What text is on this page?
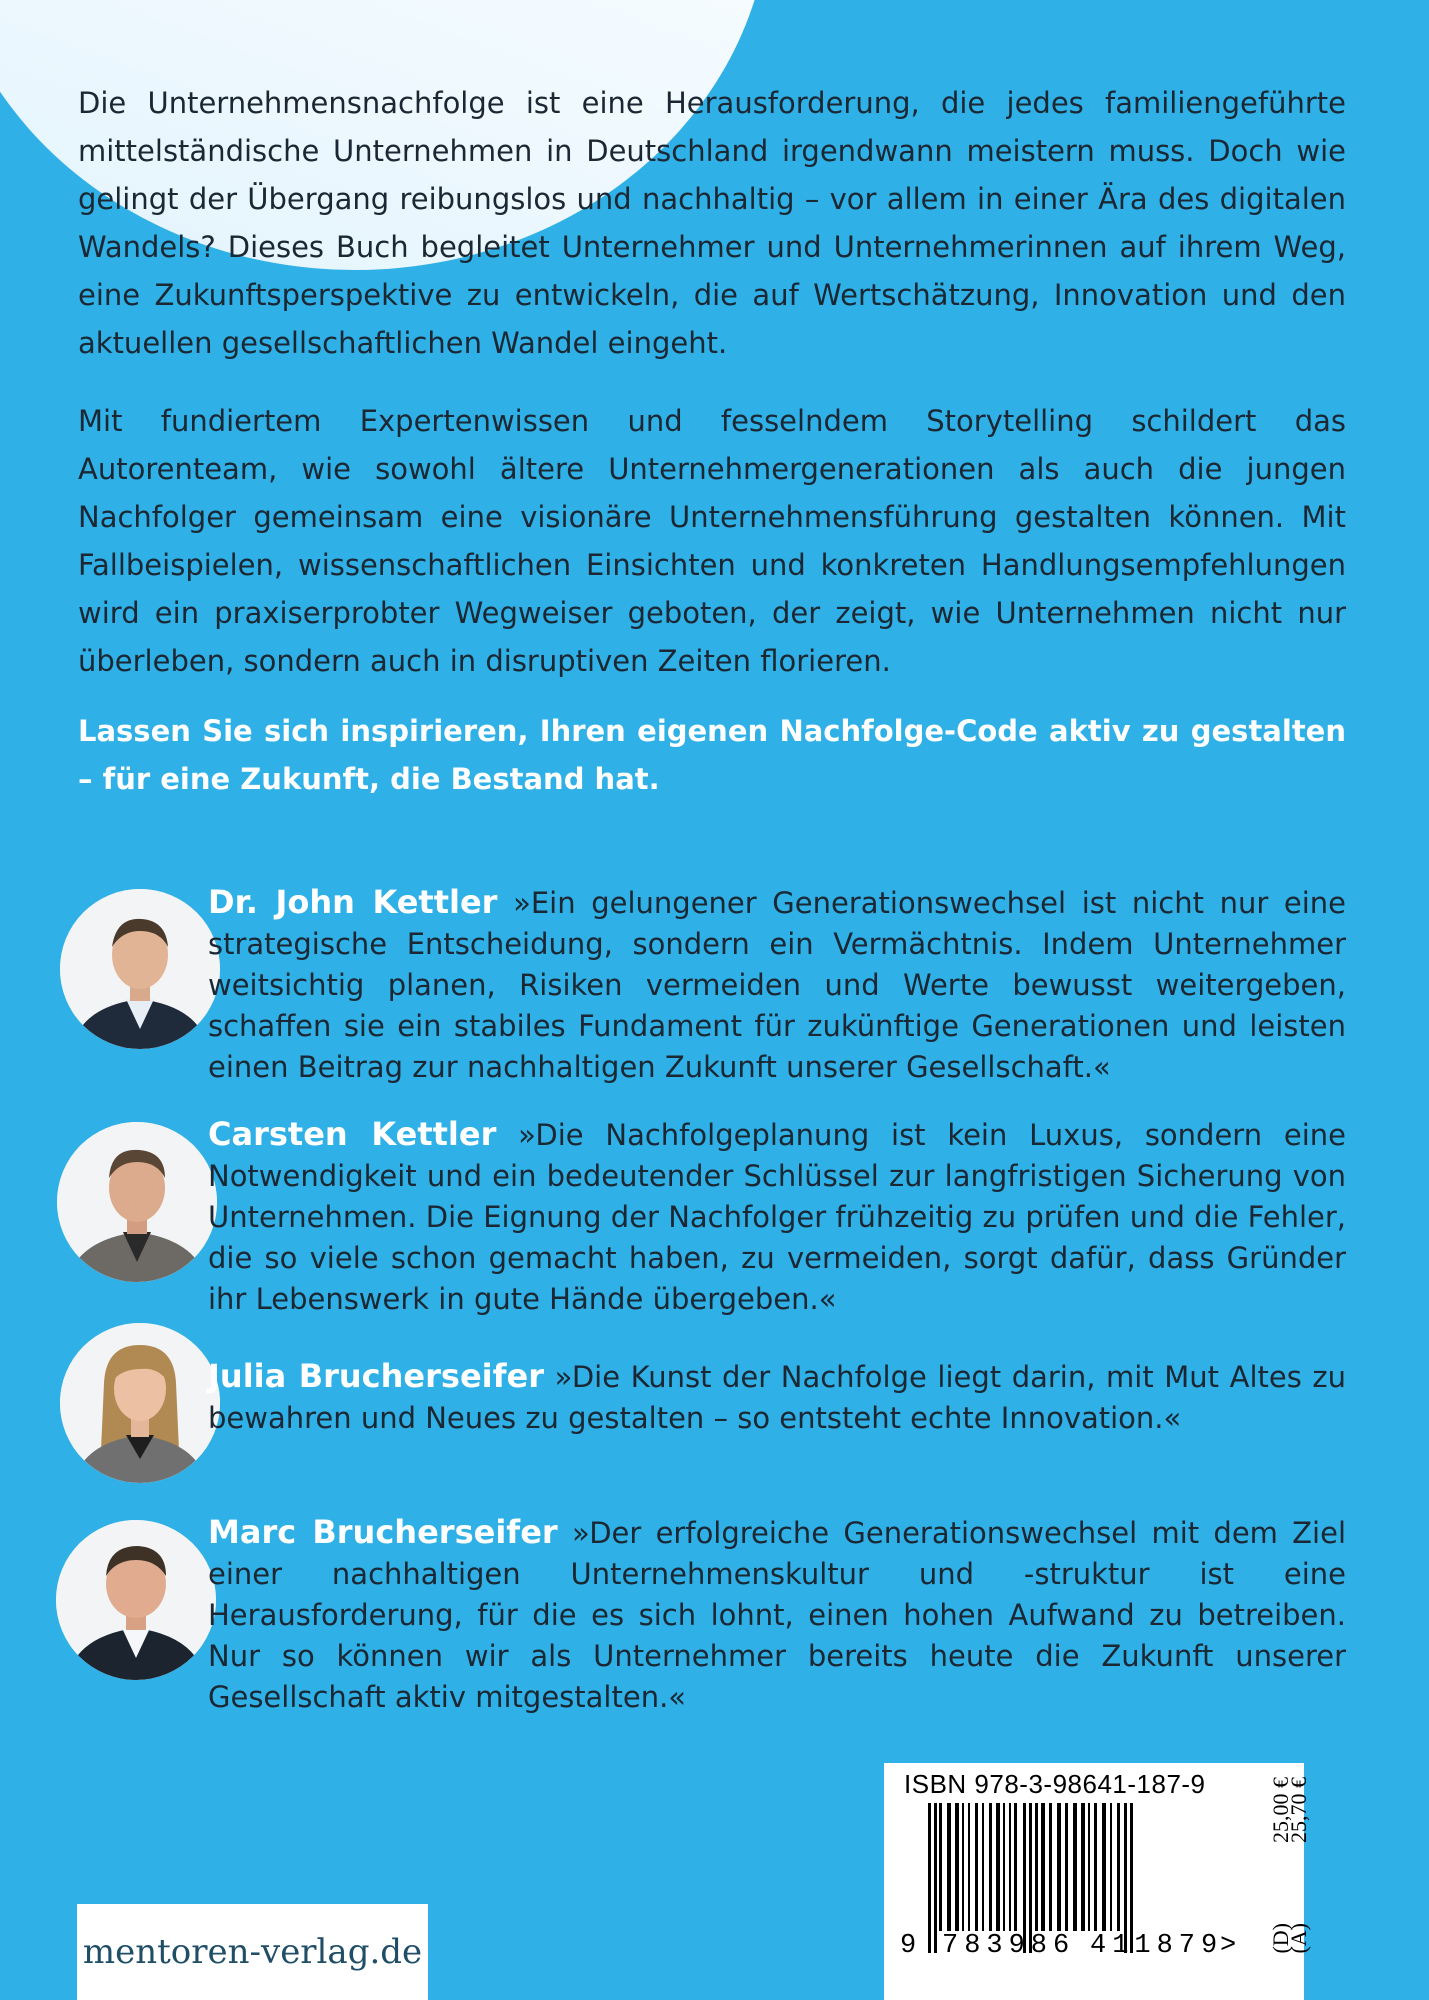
Die Unternehmensnachfolge ist eine Herausforderung, die jedes familiengeführte mittelständische Unternehmen in Deutschland irgendwann meistern muss. Doch wie gelingt der Übergang reibungslos und nachhaltig – vor allem in einer Ära des digitalen Wandels? Dieses Buch begleitet Unternehmer und Unternehmerinnen auf ihrem Weg, eine Zukunftsperspektive zu entwickeln, die auf Wertschätzung, Innovation und den aktuellen gesellschaftlichen Wandel eingeht.

Mit fundiertem Expertenwissen und fesselndem Storytelling schildert das Autorenteam, wie sowohl ältere Unternehmergenerationen als auch die jungen Nachfolger gemeinsam eine visionäre Unternehmensführung gestalten können. Mit Fallbeispielen, wissenschaftlichen Einsichten und konkreten Handlungsempfehlungen wird ein praxiserprobter Wegweiser geboten, der zeigt, wie Unternehmen nicht nur überleben, sondern auch in disruptiven Zeiten florieren.

Lassen Sie sich inspirieren, Ihren eigenen Nachfolge-Code aktiv zu gestalten – für eine Zukunft, die Bestand hat.

Dr. John Kettler »Ein gelungener Generationswechsel ist nicht nur eine strategische Entscheidung, sondern ein Vermächtnis. Indem Unternehmer weitsichtig planen, Risiken vermeiden und Werte bewusst weitergeben, schaffen sie ein stabiles Fundament für zukünftige Generationen und leisten einen Beitrag zur nachhaltigen Zukunft unserer Gesellschaft.«

Carsten Kettler »Die Nachfolgeplanung ist kein Luxus, sondern eine Notwendigkeit und ein bedeutender Schlüssel zur langfristigen Sicherung von Unternehmen. Die Eignung der Nachfolger frühzeitig zu prüfen und die Fehler, die so viele schon gemacht haben, zu vermeiden, sorgt dafür, dass Gründer ihr Lebenswerk in gute Hände übergeben.«

Julia Brucherseifer »Die Kunst der Nachfolge liegt darin, mit Mut Altes zu bewahren und Neues zu gestalten – so entsteht echte Innovation.«

Marc Brucherseifer »Der erfolgreiche Generationswechsel mit dem Ziel einer nachhaltigen Unternehmenskultur und -struktur ist eine Herausforderung, für die es sich lohnt, einen hohen Aufwand zu betreiben. Nur so können wir als Unternehmer bereits heute die Zukunft unserer Gesellschaft aktiv mitgestalten.«

mentoren-verlag.de
ISBN 978-3-98641-187-9
9 783986 411879
>
25,00 €
(D)
25,70 €
(A)
